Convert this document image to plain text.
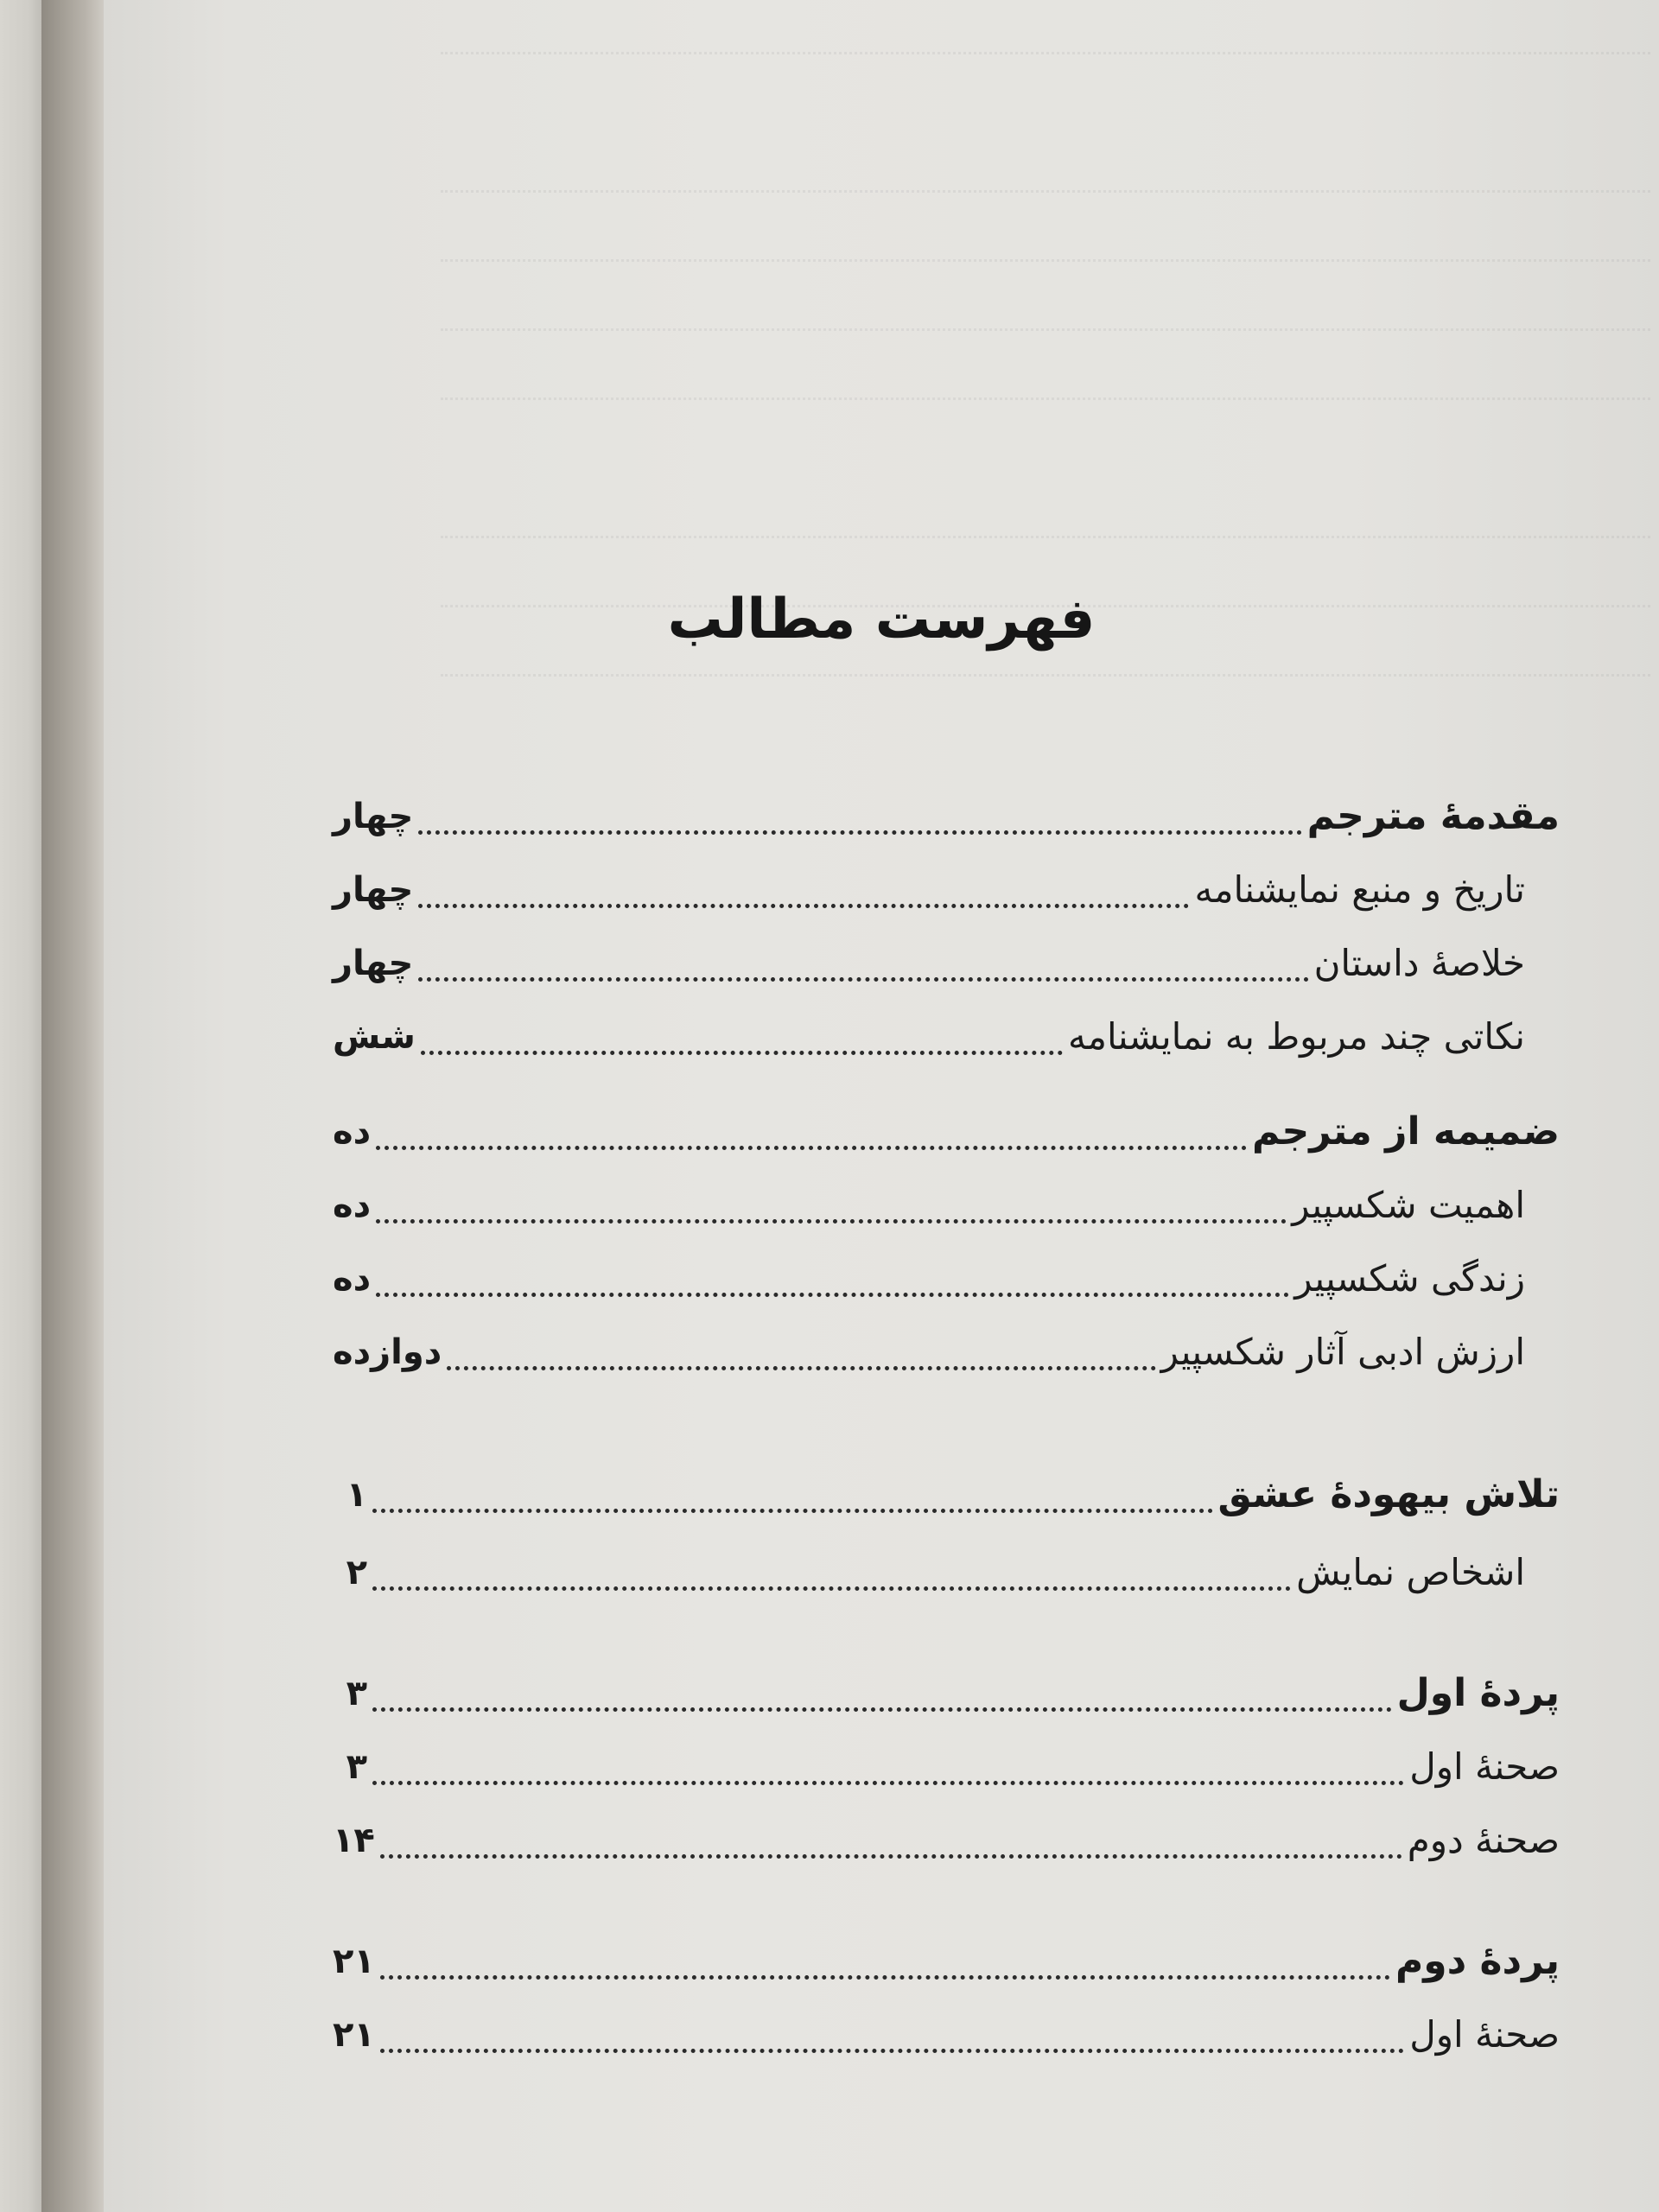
فهرست مطالب
مقدمهٔ مترجم
چهار
تاریخ و منبع نمایشنامه
چهار
خلاصهٔ داستان
چهار
نکاتی چند مربوط به نمایشنامه
شش
ضمیمه از مترجم
ده
اهمیت شکسپیر
ده
زندگی شکسپیر
ده
ارزش ادبی آثار شکسپیر
دوازده
تلاش بیهودهٔ عشق
۱
اشخاص نمایش
۲
پردهٔ اول
۳
صحنهٔ اول
۳
صحنهٔ دوم
۱۴
پردهٔ دوم
۲۱
صحنهٔ اول
۲۱
